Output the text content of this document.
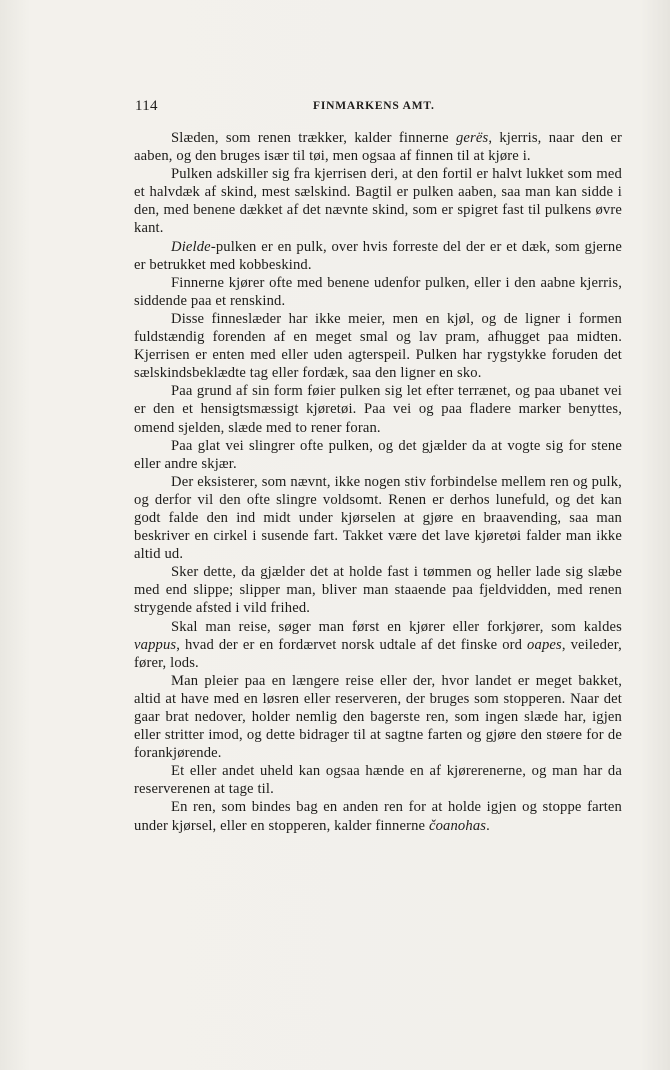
114	FINMARKENS AMT.

Slæden, som renen trækker, kalder finnerne gerës, kjerris, naar den er aaben, og den bruges især til tøi, men ogsaa af finnen til at kjøre i.

Pulken adskiller sig fra kjerrisen deri, at den fortil er halvt lukket som med et halvdæk af skind, mest sælskind. Bagtil er pulken aaben, saa man kan sidde i den, med benene dækket af det nævnte skind, som er spigret fast til pulkens øvre kant.

Dielde-pulken er en pulk, over hvis forreste del der er et dæk, som gjerne er betrukket med kobbeskind.

Finnerne kjører ofte med benene udenfor pulken, eller i den aabne kjerris, siddende paa et renskind.

Disse finneslæder har ikke meier, men en kjøl, og de ligner i formen fuldstændig forenden af en meget smal og lav pram, afhugget paa midten. Kjerrisen er enten med eller uden agterspeil. Pulken har rygstykke foruden det sælskindsbeklædte tag eller fordæk, saa den ligner en sko.

Paa grund af sin form føier pulken sig let efter terrænet, og paa ubanet vei er den et hensigtsmæssigt kjøretøi. Paa vei og paa fladere marker benyttes, omend sjelden, slæde med to rener foran.

Paa glat vei slingrer ofte pulken, og det gjælder da at vogte sig for stene eller andre skjær.

Der eksisterer, som nævnt, ikke nogen stiv forbindelse mellem ren og pulk, og derfor vil den ofte slingre voldsomt. Renen er derhos lunefuld, og det kan godt falde den ind midt under kjørselen at gjøre en braavending, saa man beskriver en cirkel i susende fart. Takket være det lave kjøretøi falder man ikke altid ud.

Sker dette, da gjælder det at holde fast i tømmen og heller lade sig slæbe med end slippe; slipper man, bliver man staaende paa fjeldvidden, med renen strygende afsted i vild frihed.

Skal man reise, søger man først en kjører eller forkjører, som kaldes vappus, hvad der er en fordærvet norsk udtale af det finske ord oapes, veileder, fører, lods.

Man pleier paa en længere reise eller der, hvor landet er meget bakket, altid at have med en løsren eller reserveren, der bruges som stopperen. Naar det gaar brat nedover, holder nemlig den bagerste ren, som ingen slæde har, igjen eller stritter imod, og dette bidrager til at sagtne farten og gjøre den støere for de forankjørende.

Et eller andet uheld kan ogsaa hænde en af kjørerenerne, og man har da reserverenen at tage til.

En ren, som bindes bag en anden ren for at holde igjen og stoppe farten under kjørsel, eller en stopperen, kalder finnerne čoanohas.
